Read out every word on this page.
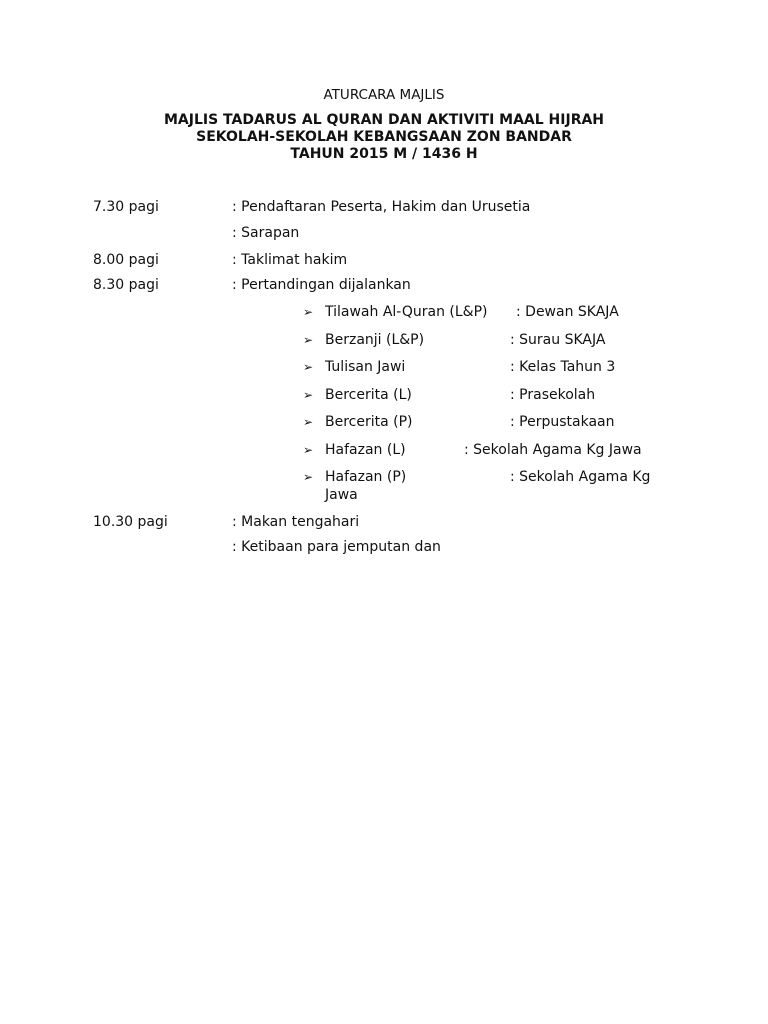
ATURCARA MAJLIS
MAJLIS TADARUS AL QURAN DAN AKTIVITI MAAL HIJRAH
SEKOLAH-SEKOLAH KEBANGSAAN ZON BANDAR
TAHUN 2015 M / 1436 H
7.30 pagi	: Pendaftaran Peserta, Hakim dan Urusetia
: Sarapan
8.00 pagi	: Taklimat hakim
8.30 pagi	: Pertandingan dijalankan
➢ Tilawah Al-Quran (L&P) : Dewan SKAJA
➢ Berzanji (L&P)	: Surau SKAJA
➢ Tulisan Jawi	: Kelas Tahun 3
➢ Bercerita (L)	: Prasekolah
➢ Bercerita (P)	: Perpustakaan
➢ Hafazan (L)	: Sekolah Agama Kg Jawa
➢ Hafazan (P)	: Sekolah Agama Kg
Jawa
10.30 pagi	: Makan tengahari
: Ketibaan para jemputan dan
